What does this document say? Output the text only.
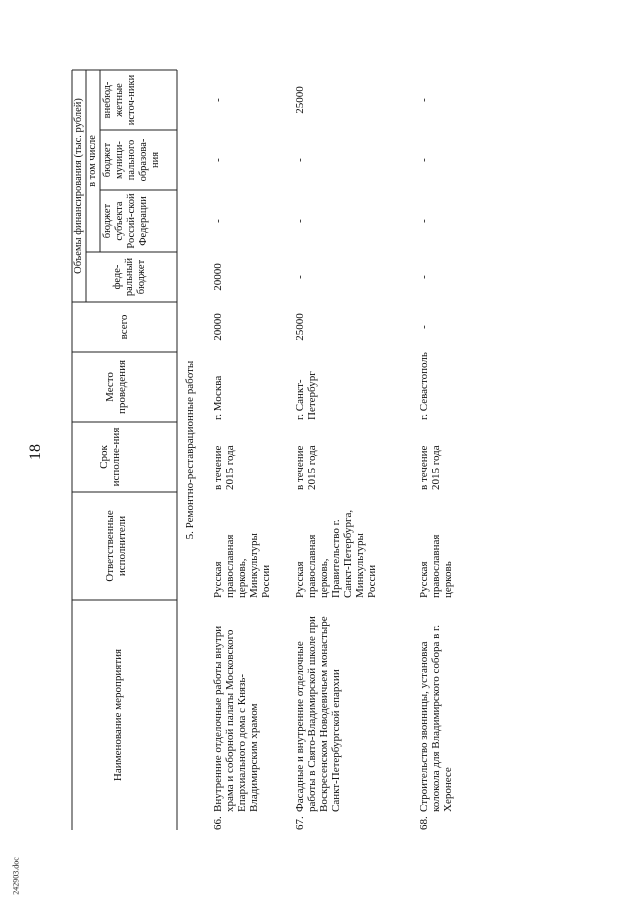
18
242903.doc
Наименование мероприятия
Ответственные исполнители
Срок исполне-ния
Место проведения
всего
Объемы финансирования (тыс. рублей) в том числе
феде-ральный бюджет
бюджет субъекта Россий-ской Федерации
бюджет муници-пального образова-ния
внебюд-жетные источ-ники
5. Ремонтно-реставрационные работы
66.
Внутренние отделочные работы внутри храма и соборной палаты Московского Епархиального дома с Князь-Владимирским храмом
Русская православная церковь, Минкультуры России
в течение 2015 года
г. Москва
20000
20000
-
-
-
67.
Фасадные и внутренние отделочные работы в Свято-Владимирской школе при Воскресенском Новодевичьем монастыре Санкт-Петербургской епархии
Русская православная церковь, Правительство г. Санкт-Петербурга, Минкультуры России
в течение 2015 года
г. Санкт-Петербург
25000
-
-
-
25000
68.
Строительство звонницы, установка колокола для Владимирского собора в г. Херонесе
Русская православная церковь
в течение 2015 года
г. Севастополь
-
-
-
-
-
